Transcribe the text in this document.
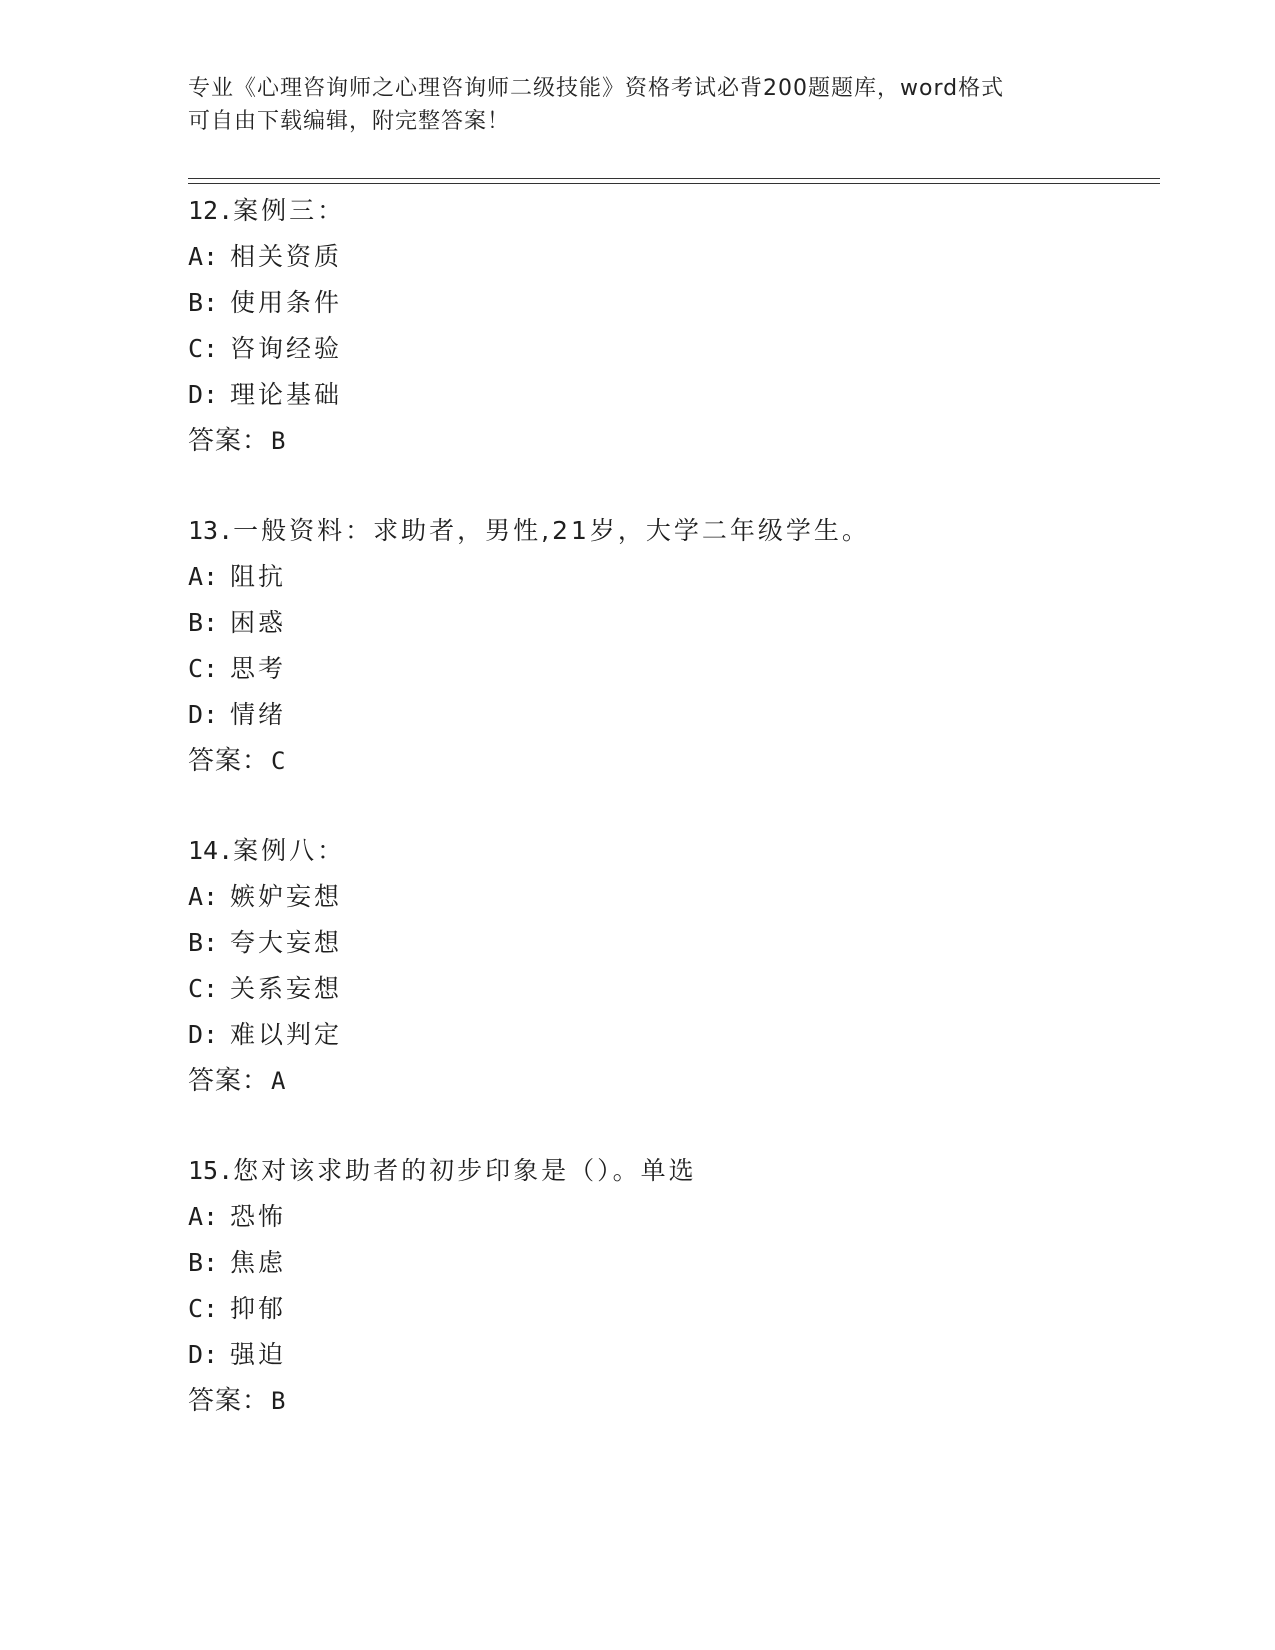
专业《心理咨询师之心理咨询师二级技能》资格考试必背200题题库，word格式
可自由下载编辑，附完整答案！
12.案例三：
A: 相关资质
B: 使用条件
C: 咨询经验
D: 理论基础
答案：B
13.一般资料：求助者，男性,21岁，大学二年级学生。
A: 阻抗
B: 困惑
C: 思考
D: 情绪
答案：C
14.案例八：
A: 嫉妒妄想
B: 夸大妄想
C: 关系妄想
D: 难以判定
答案：A
15.您对该求助者的初步印象是（）。单选
A: 恐怖
B: 焦虑
C: 抑郁
D: 强迫
答案：B
